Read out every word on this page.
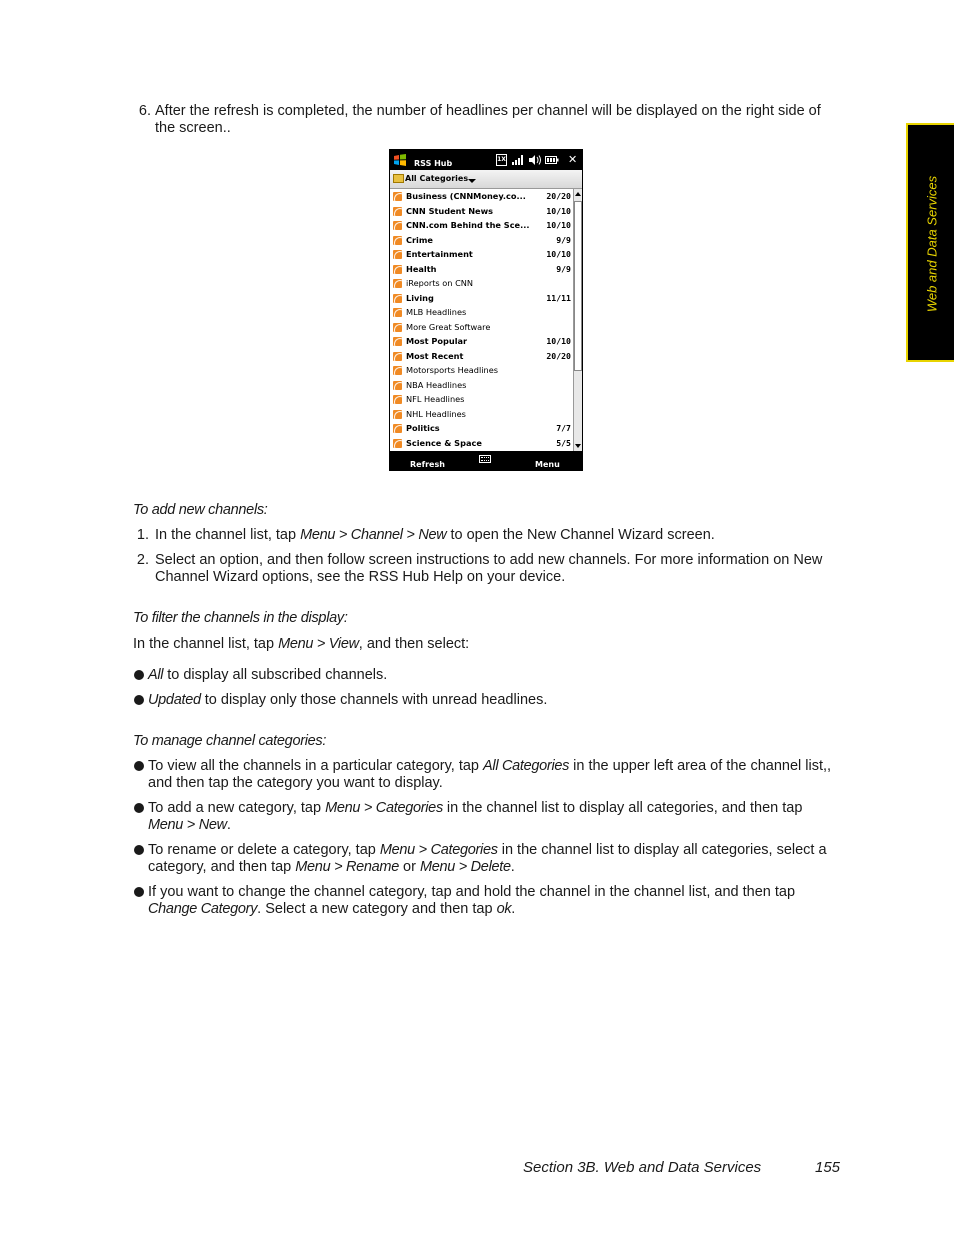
Web and Data Services
6. After the refresh is completed, the number of headlines per channel will be displayed on the right side of
the screen..
RSS Hub	1X	✕
All Categories
Business (CNNMoney.co...	20/20
CNN Student News	10/10
CNN.com Behind the Sce...	10/10
Crime	9/9
Entertainment	10/10
Health	9/9
iReports on CNN
Living	11/11
MLB Headlines
More Great Software
Most Popular	10/10
Most Recent	20/20
Motorsports Headlines
NBA Headlines
NFL Headlines
NHL Headlines
Politics	7/7
Science & Space	5/5
Refresh	Menu
To add new channels:
1. In the channel list, tap Menu > Channel > New to open the New Channel Wizard screen.
2. Select an option, and then follow screen instructions to add new channels. For more information on New
Channel Wizard options, see the RSS Hub Help on your device.
To filter the channels in the display:
In the channel list, tap Menu > View, and then select:
All to display all subscribed channels.
Updated to display only those channels with unread headlines.
To manage channel categories:
To view all the channels in a particular category, tap All Categories in the upper left area of the channel list,,
and then tap the category you want to display.
To add a new category, tap Menu > Categories in the channel list to display all categories, and then tap
Menu > New.
To rename or delete a category, tap Menu > Categories in the channel list to display all categories, select a
category, and then tap Menu > Rename or Menu > Delete.
If you want to change the channel category, tap and hold the channel in the channel list, and then tap
Change Category. Select a new category and then tap ok.
Section 3B. Web and Data Services	155
